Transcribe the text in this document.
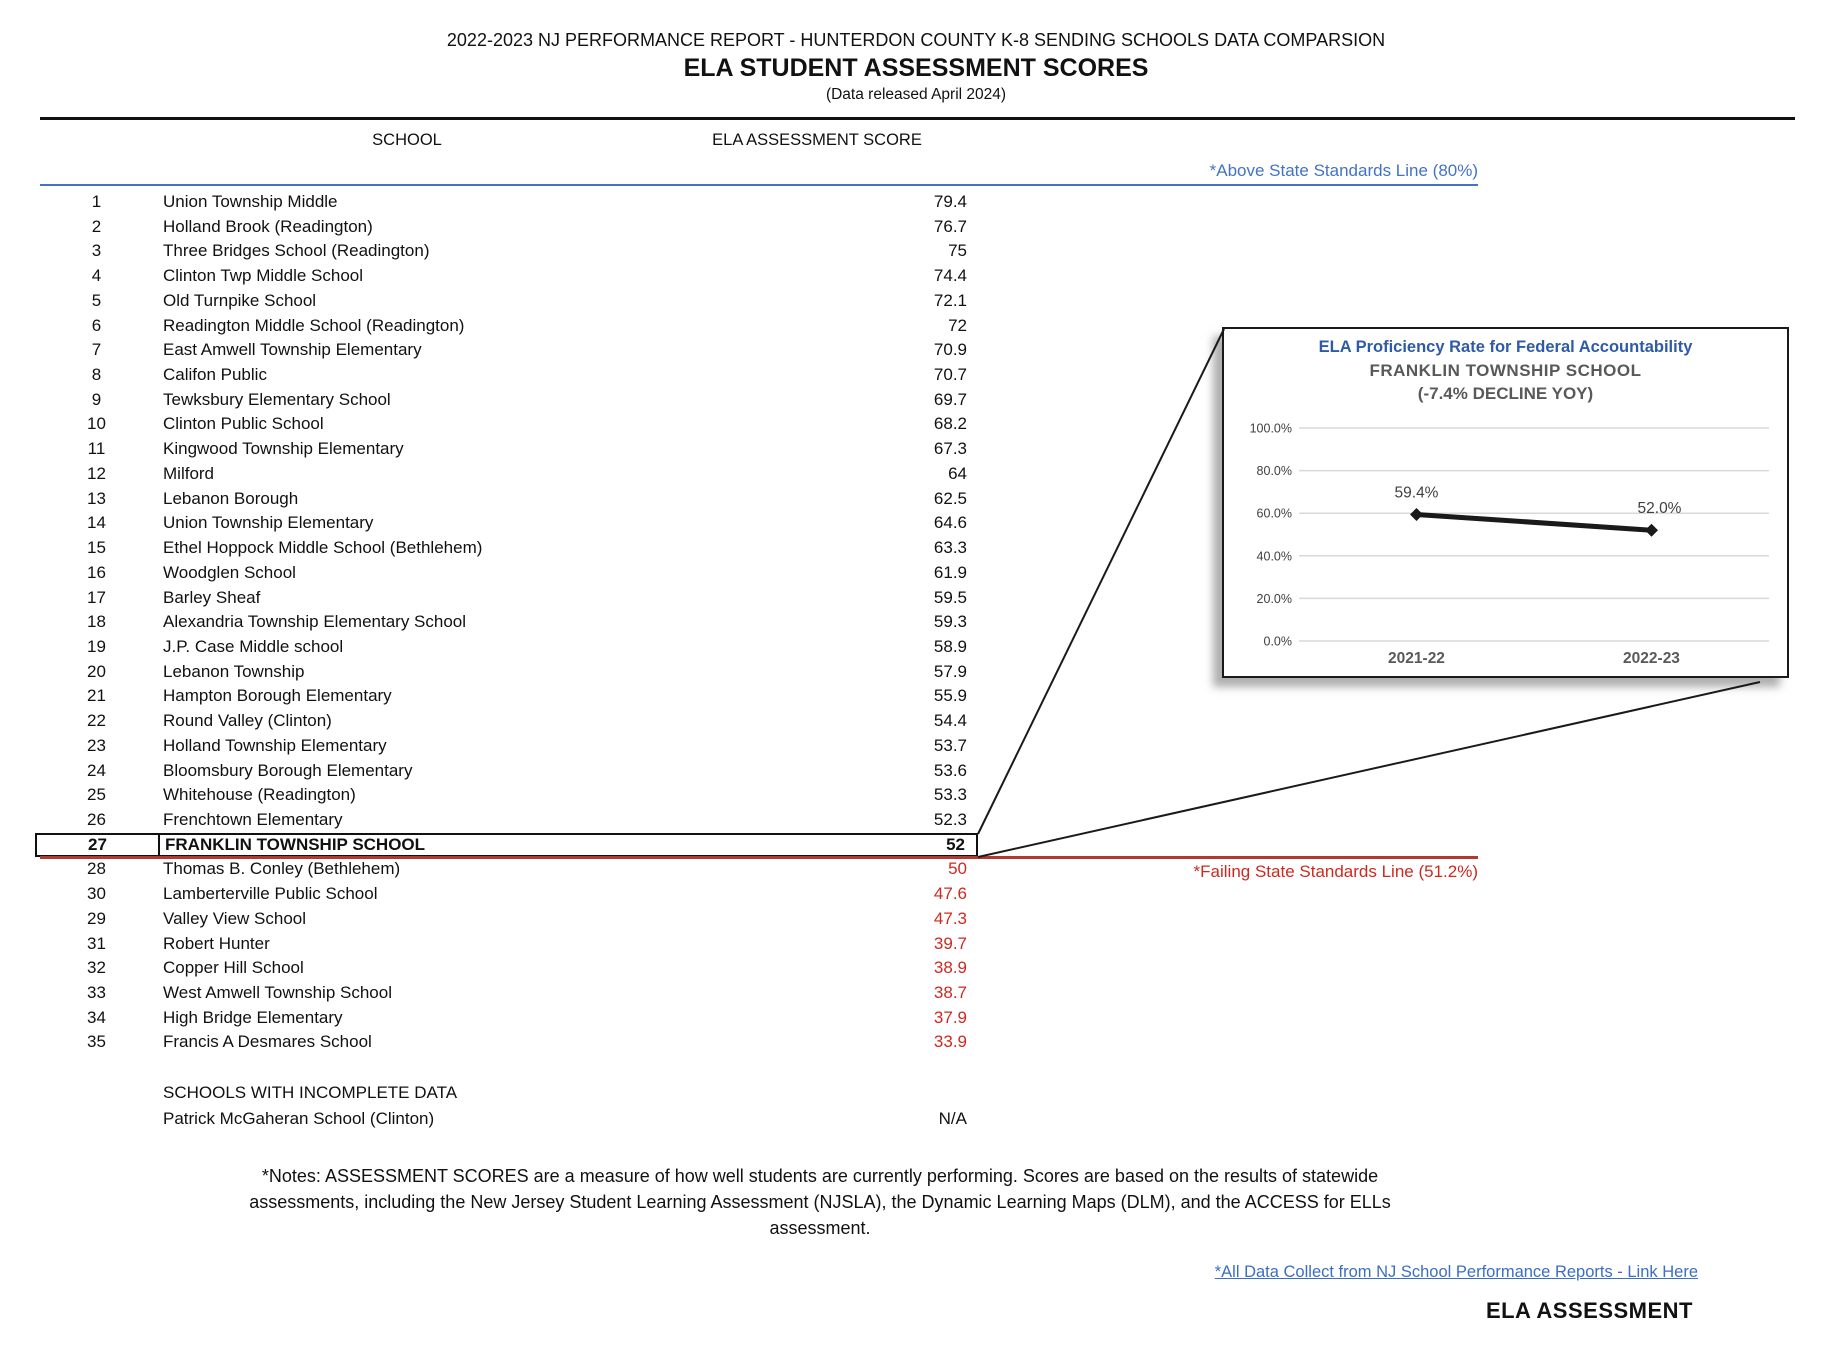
2022-2023 NJ PERFORMANCE REPORT - HUNTERDON COUNTY K-8 SENDING SCHOOLS DATA COMPARSION
ELA STUDENT ASSESSMENT SCORES
(Data released April 2024)
SCHOOL	ELA ASSESSMENT SCORE
*Above State Standards Line (80%)
1	Union Township Middle	79.4
2	Holland Brook (Readington)	76.7
3	Three Bridges School (Readington)	75
4	Clinton Twp Middle School	74.4
5	Old Turnpike School	72.1
6	Readington Middle School (Readington)	72
7	East Amwell Township Elementary	70.9
8	Califon Public	70.7
9	Tewksbury Elementary School	69.7
10	Clinton Public School	68.2
11	Kingwood Township Elementary	67.3
12	Milford	64
13	Lebanon Borough	62.5
14	Union Township Elementary	64.6
15	Ethel Hoppock Middle School (Bethlehem)	63.3
16	Woodglen School	61.9
17	Barley Sheaf	59.5
18	Alexandria Township Elementary School	59.3
19	J.P. Case Middle school	58.9
20	Lebanon Township	57.9
21	Hampton Borough Elementary	55.9
22	Round Valley (Clinton)	54.4
23	Holland Township Elementary	53.7
24	Bloomsbury Borough Elementary	53.6
25	Whitehouse (Readington)	53.3
26	Frenchtown Elementary	52.3
27	FRANKLIN TOWNSHIP SCHOOL	52
28	Thomas B. Conley (Bethlehem)	50
30	Lamberterville Public School	47.6
29	Valley View School	47.3
31	Robert Hunter	39.7
32	Copper Hill School	38.9
33	West Amwell Township School	38.7
34	High Bridge Elementary	37.9
35	Francis A Desmares School	33.9
*Failing State Standards Line (51.2%)
SCHOOLS WITH INCOMPLETE DATA
Patrick McGaheran School (Clinton)	N/A
*Notes: ASSESSMENT SCORES are a measure of how well students are currently performing. Scores are based on the results of statewide
assessments, including the New Jersey Student Learning Assessment (NJSLA), the Dynamic Learning Maps (DLM), and the ACCESS for ELLs
assessment.
*All Data Collect from NJ School Performance Reports - Link Here
ELA ASSESSMENT
ELA Proficiency Rate for Federal Accountability
FRANKLIN TOWNSHIP SCHOOL
(-7.4% DECLINE YOY)
100.0%
80.0%
60.0%
40.0%
20.0%
0.0%
59.4%
52.0%
2021-22	2022-23
